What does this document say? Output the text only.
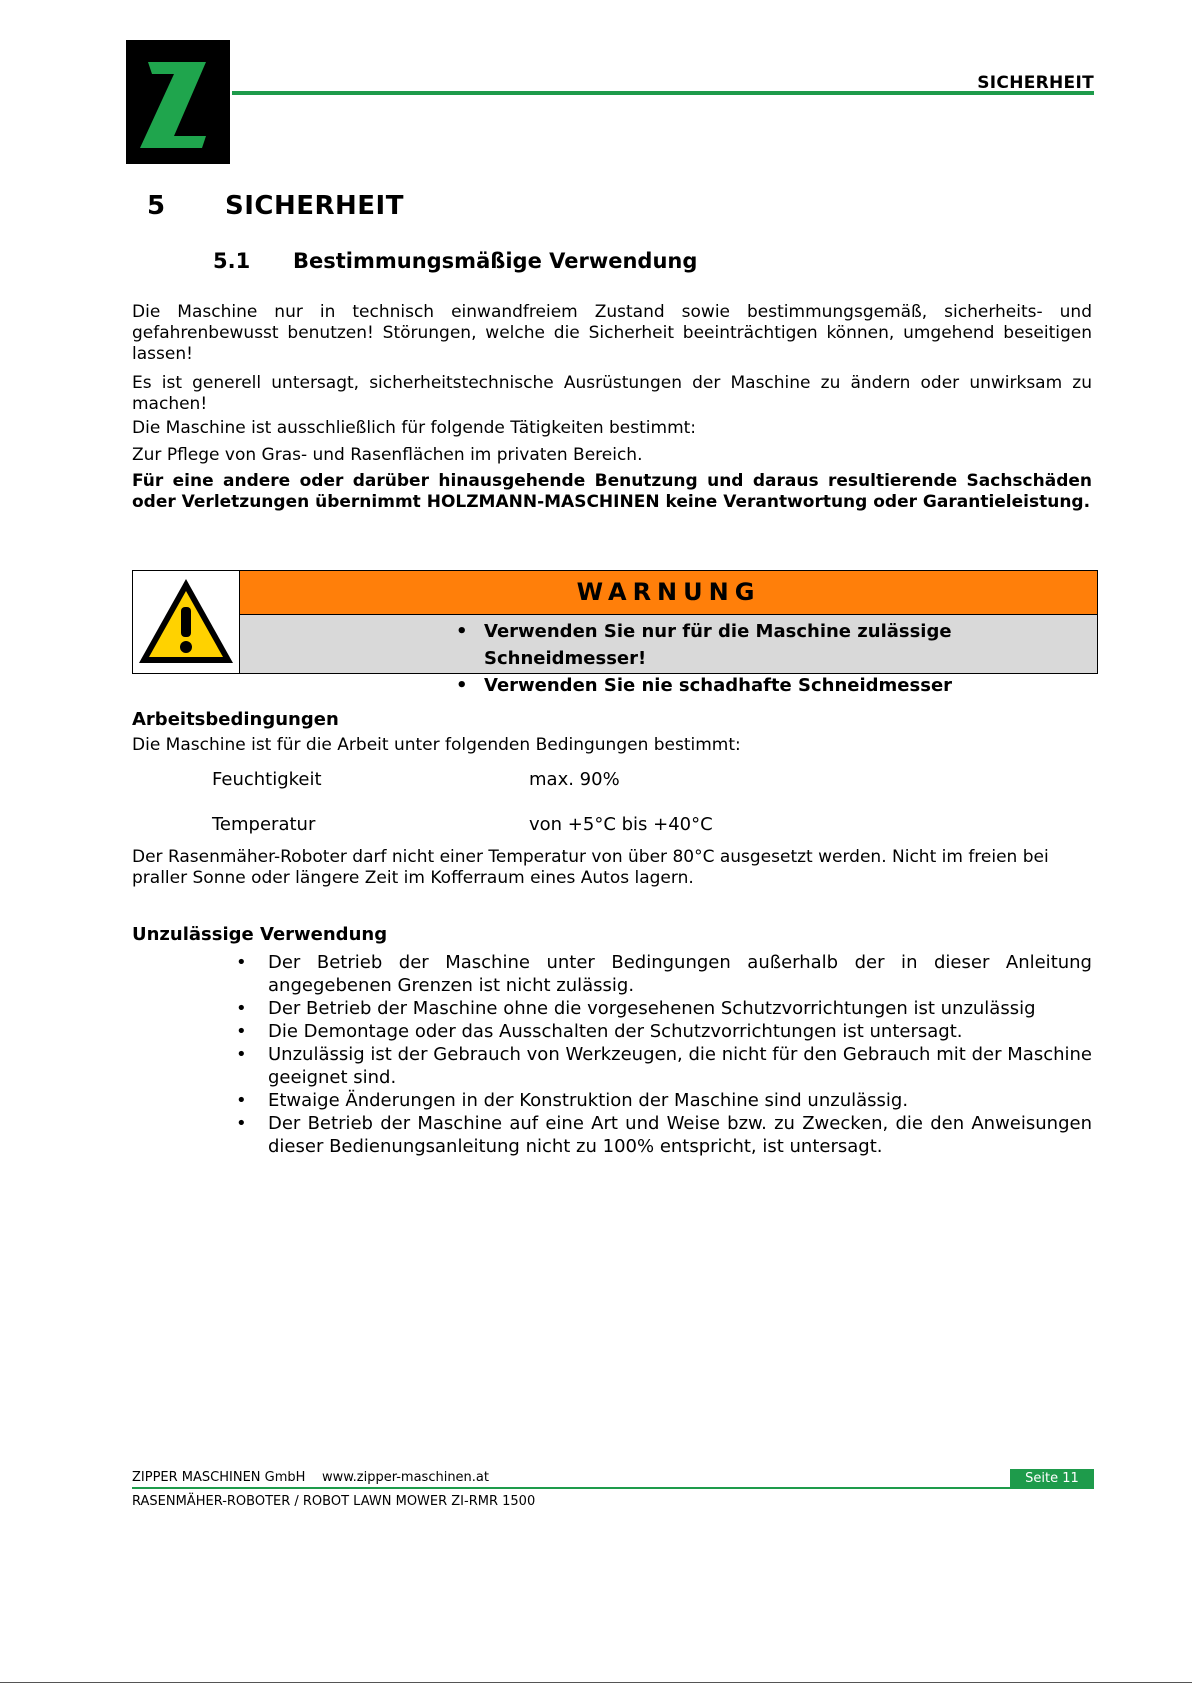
SICHERHEIT
5 SICHERHEIT
5.1 Bestimmungsmäßige Verwendung

Die Maschine nur in technisch einwandfreiem Zustand sowie bestimmungsgemäß, sicherheits- und gefahrenbewusst benutzen! Störungen, welche die Sicherheit beeinträchtigen können, umgehend beseitigen lassen!

Es ist generell untersagt, sicherheitstechnische Ausrüstungen der Maschine zu ändern oder unwirksam zu machen!

Die Maschine ist ausschließlich für folgende Tätigkeiten bestimmt:

Zur Pflege von Gras- und Rasenflächen im privaten Bereich.

Für eine andere oder darüber hinausgehende Benutzung und daraus resultierende Sachschäden oder Verletzungen übernimmt HOLZMANN-MASCHINEN keine Verantwortung oder Garantieleistung.

WARNUNG
• Verwenden Sie nur für die Maschine zulässige Schneidmesser!
• Verwenden Sie nie schadhafte Schneidmesser
Arbeitsbedingungen
Die Maschine ist für die Arbeit unter folgenden Bedingungen bestimmt:
Feuchtigkeit	max. 90%
Temperatur	von +5°C bis +40°C

Der Rasenmäher-Roboter darf nicht einer Temperatur von über 80°C ausgesetzt werden. Nicht im freien bei praller Sonne oder längere Zeit im Kofferraum eines Autos lagern.

Unzulässige Verwendung
• Der Betrieb der Maschine unter Bedingungen außerhalb der in dieser Anleitung angegebenen Grenzen ist nicht zulässig.
• Der Betrieb der Maschine ohne die vorgesehenen Schutzvorrichtungen ist unzulässig
• Die Demontage oder das Ausschalten der Schutzvorrichtungen ist untersagt.
• Unzulässig ist der Gebrauch von Werkzeugen, die nicht für den Gebrauch mit der Maschine geeignet sind.
• Etwaige Änderungen in der Konstruktion der Maschine sind unzulässig.
• Der Betrieb der Maschine auf eine Art und Weise bzw. zu Zwecken, die den Anweisungen dieser Bedienungsanleitung nicht zu 100% entspricht, ist untersagt.
ZIPPER MASCHINEN GmbH www.zipper-maschinen.at	Seite 11
RASENMÄHER-ROBOTER / ROBOT LAWN MOWER ZI-RMR 1500
